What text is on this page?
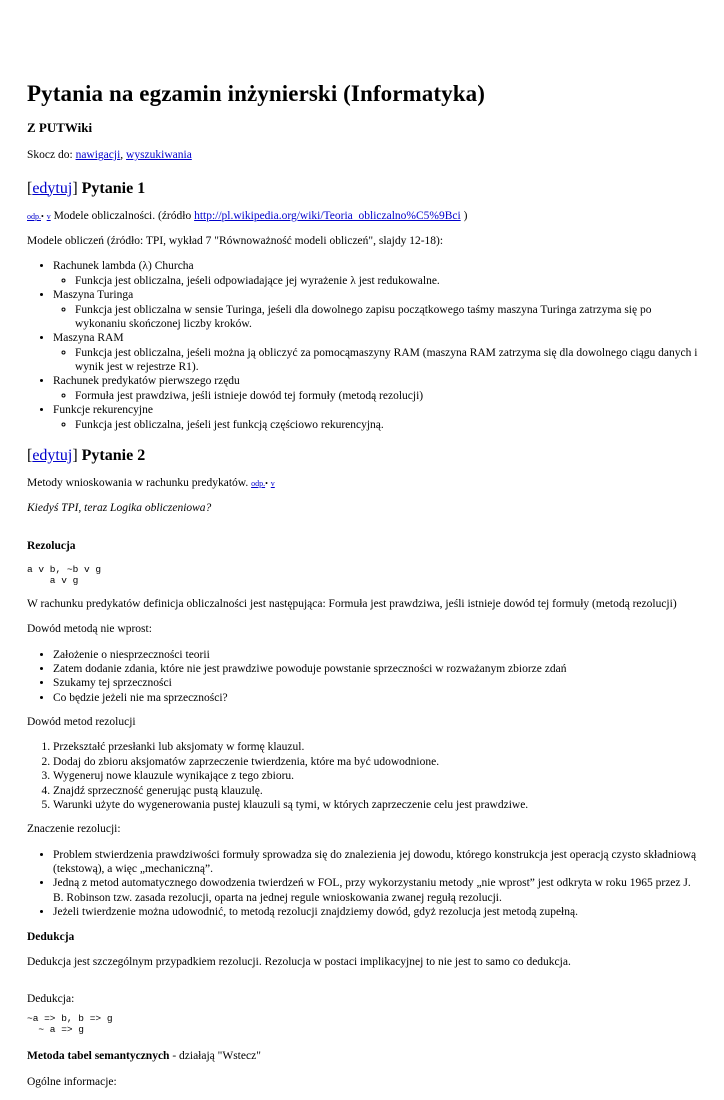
Pytania na egzamin inżynierski (Informatyka)
Z PUTWiki

Skocz do: nawigacji, wyszukiwania

[edytuj] Pytanie 1

odp.• v Modele obliczalności. (źródło http://pl.wikipedia.org/wiki/Teoria_obliczalno%C5%9Bci )

Modele obliczeń (źródło: TPI, wykład 7 "Równoważność modeli obliczeń", slajdy 12-18):

• Rachunek lambda (λ) Churcha
◦ Funkcja jest obliczalna, jeśeli odpowiadające jej wyrażenie λ jest redukowalne.
• Maszyna Turinga
◦ Funkcja jest obliczalna w sensie Turinga, jeśeli dla dowolnego zapisu początkowego taśmy maszyna Turinga zatrzyma się po wykonaniu skończonej liczby kroków.
• Maszyna RAM
◦ Funkcja jest obliczalna, jeśeli można ją obliczyć za pomocąmaszyny RAM (maszyna RAM zatrzyma się dla dowolnego ciągu danych i wynik jest w rejestrze R1).
• Rachunek predykatów pierwszego rzędu
◦ Formuła jest prawdziwa, jeśli istnieje dowód tej formuły (metodą rezolucji)
• Funkcje rekurencyjne
◦ Funkcja jest obliczalna, jeśeli jest funkcją częściowo rekurencyjną.
[edytuj] Pytanie 2

Metody wnioskowania w rachunku predykatów. odp.• v

Kiedyś TPI, teraz Logika obliczeniowa?

Rezolucja

a v b, ~b v g
a v g

W rachunku predykatów definicja obliczalności jest następująca: Formuła jest prawdziwa, jeśli istnieje dowód tej formuły (metodą rezolucji)

Dowód metodą nie wprost:

• Założenie o niesprzeczności teorii
• Zatem dodanie zdania, które nie jest prawdziwe powoduje powstanie sprzeczności w rozważanym zbiorze zdań
• Szukamy tej sprzeczności
• Co będzie jeżeli nie ma sprzeczności?

Dowód metod rezolucji

1. Przekształć przesłanki lub aksjomaty w formę klauzul.
2. Dodaj do zbioru aksjomatów zaprzeczenie twierdzenia, które ma być udowodnione.
3. Wygeneruj nowe klauzule wynikające z tego zbioru.
4. Znajdź sprzeczność generując pustą klauzulę.
5. Warunki użyte do wygenerowania pustej klauzuli są tymi, w których zaprzeczenie celu jest prawdziwe.

Znaczenie rezolucji:

• Problem stwierdzenia prawdziwości formuły sprowadza się do znalezienia jej dowodu, którego konstrukcja jest operacją czysto składniową (tekstową), a więc „mechaniczną”.
• Jedną z metod automatycznego dowodzenia twierdzeń w FOL, przy wykorzystaniu metody „nie wprost” jest odkryta w roku 1965 przez J. B. Robinson tzw. zasada rezolucji, oparta na jednej regule wnioskowania zwanej regułą rezolucji.
• Jeżeli twierdzenie można udowodnić, to metodą rezolucji znajdziemy dowód, gdyż rezolucja jest metodą zupełną.

Dedukcja

Dedukcja jest szczególnym przypadkiem rezolucji. Rezolucja w postaci implikacyjnej to nie jest to samo co dedukcja.

Dedukcja:

~a => b, b => g
~ a => g

Metoda tabel semantycznych - działają "Wstecz"

Ogólne informacje:
